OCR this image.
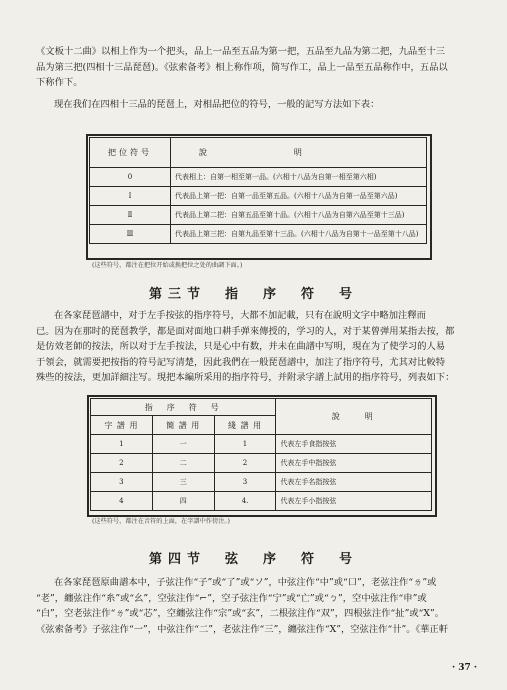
《文板十二曲》以相上作为一个把头，品上一品至五品为第一把，五品至九品为第二把，九品至十三
品为第三把(四相十三品琵琶)。《弦索备考》相上称作项，简写作工，品上一品至五品称作中，五品以
下称作下。
现在我们在四相十三品的琵琶上，对相品把位的符号，一般的記写方法如下表：
把位符号	說	明
0	代表相上：自第一相至第一品。(六相十八品为自第一相至第六相)	
Ⅰ	代表品上第一把：自第一品至第五品。(六相十八品为自第一品至第六品)	
Ⅱ	代表品上第二把：自第五品至第十品。(六相十八品为自第六品至第十三品)	
Ⅲ	代表品上第三把：自第九品至第十三品。(六相十八品为自第十一品至第十八品)	
(这些符号，都注在把位开始或换把位之处的曲調下面。)
第三节　指　序　符　号
在各家琵琶譜中，对于左手按弦的指序符号，大都不加記載，只有在說明文字中略加注釋而
已。因为在那时的琵琶教学，都是面对面地口耕手弹來傳授的，学习的人，对于某曾弹用某指去按，都
是仿效老師的按法，所以对于左手按法，只是心中有数，并未在曲譜中写明，現在为了使学习的人易
于領会，就需要把按指的符号記写清楚，因此我們在一般琵琶譜中，加注了指序符号，尤其对比較特
殊些的按法，更加詳細注写。現把本編所采用的指序符号，并附录字譜上試用的指序符号，列表如下：
指　序　符　号			說　　明
字 譜 用	簡 譜 用	綫 譜 用	
1	一	1	代表左手食指按弦
2	二	2	代表左手中指按弦
3	三	3	代表左手名指按弦
4	四	4.	代表左手小指按弦
(这些符号，都注在音符的上面，在字譜中作傍注。)
第四节　弦　序　符　号
在各家琵琶原曲譜本中，子弦注作“子”或“了”或“ソ”，中弦注作“中”或“口”，老弦注作“ㄌ”或
“老”，纏弦注作“糸”或“幺”，空弦注作“⌐”，空子弦注作“宁”或“亡”或“ㄅ”，空中弦注作“申”或
“白”，空老弦注作“ㄌ”或“芯”，空纏弦注作“宗”或“玄”，二根弦注作“双”，四根弦注作“扯”或“X”。
《弦索备考》子弦注作“一”，中弦注作“二”，老弦注作“三”，纏弦注作“X”，空弦注作“卄”。《華正軒
· 37 ·
